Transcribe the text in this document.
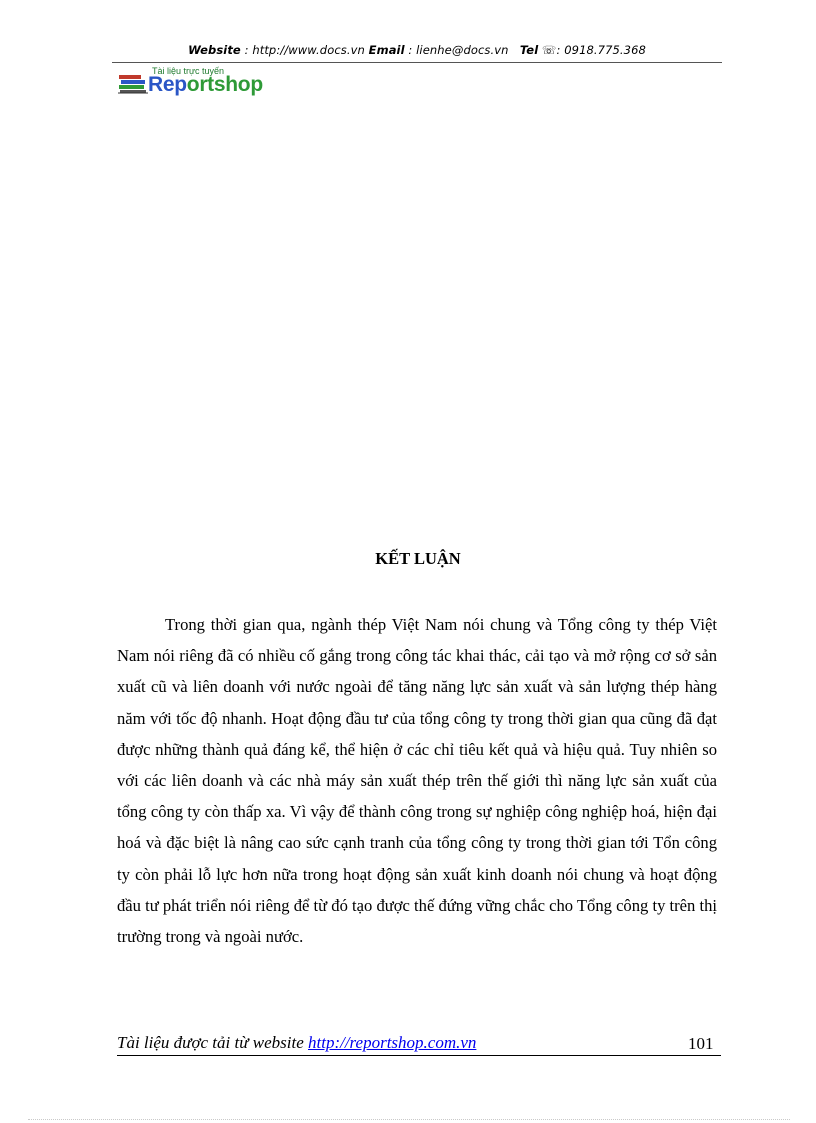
Website : http://www.docs.vn Email : lienhe@docs.vn Tel ☏: 0918.775.368
Tài liệu trực tuyến
Reportshop
KẾT LUẬN
Trong thời gian qua, ngành thép Việt Nam nói chung và Tổng công ty thép Việt Nam nói riêng đã có nhiều cố gắng trong công tác khai thác, cải tạo và mở rộng cơ sở sản xuất cũ và liên doanh với nước ngoài để tăng năng lực sản xuất và sản lượng thép hàng năm với tốc độ nhanh. Hoạt động đầu tư của tổng công ty trong thời gian qua cũng đã đạt được những thành quả đáng kể, thể hiện ở các chỉ tiêu kết quả và hiệu quả. Tuy nhiên so với các liên doanh và các nhà máy sản xuất thép trên thế giới thì năng lực sản xuất của tổng công ty còn thấp xa. Vì vậy để thành công trong sự nghiệp công nghiệp hoá, hiện đại hoá và đặc biệt là nâng cao sức cạnh tranh của tổng công ty trong thời gian tới Tổn công ty còn phải lỗ lực hơn nữa trong hoạt động sản xuất kinh doanh nói chung và hoạt động đầu tư phát triển nói riêng để từ đó tạo được thế đứng vững chắc cho Tổng công ty trên thị trường trong và ngoài nước.
Tài liệu được tải từ website http://reportshop.com.vn	101
